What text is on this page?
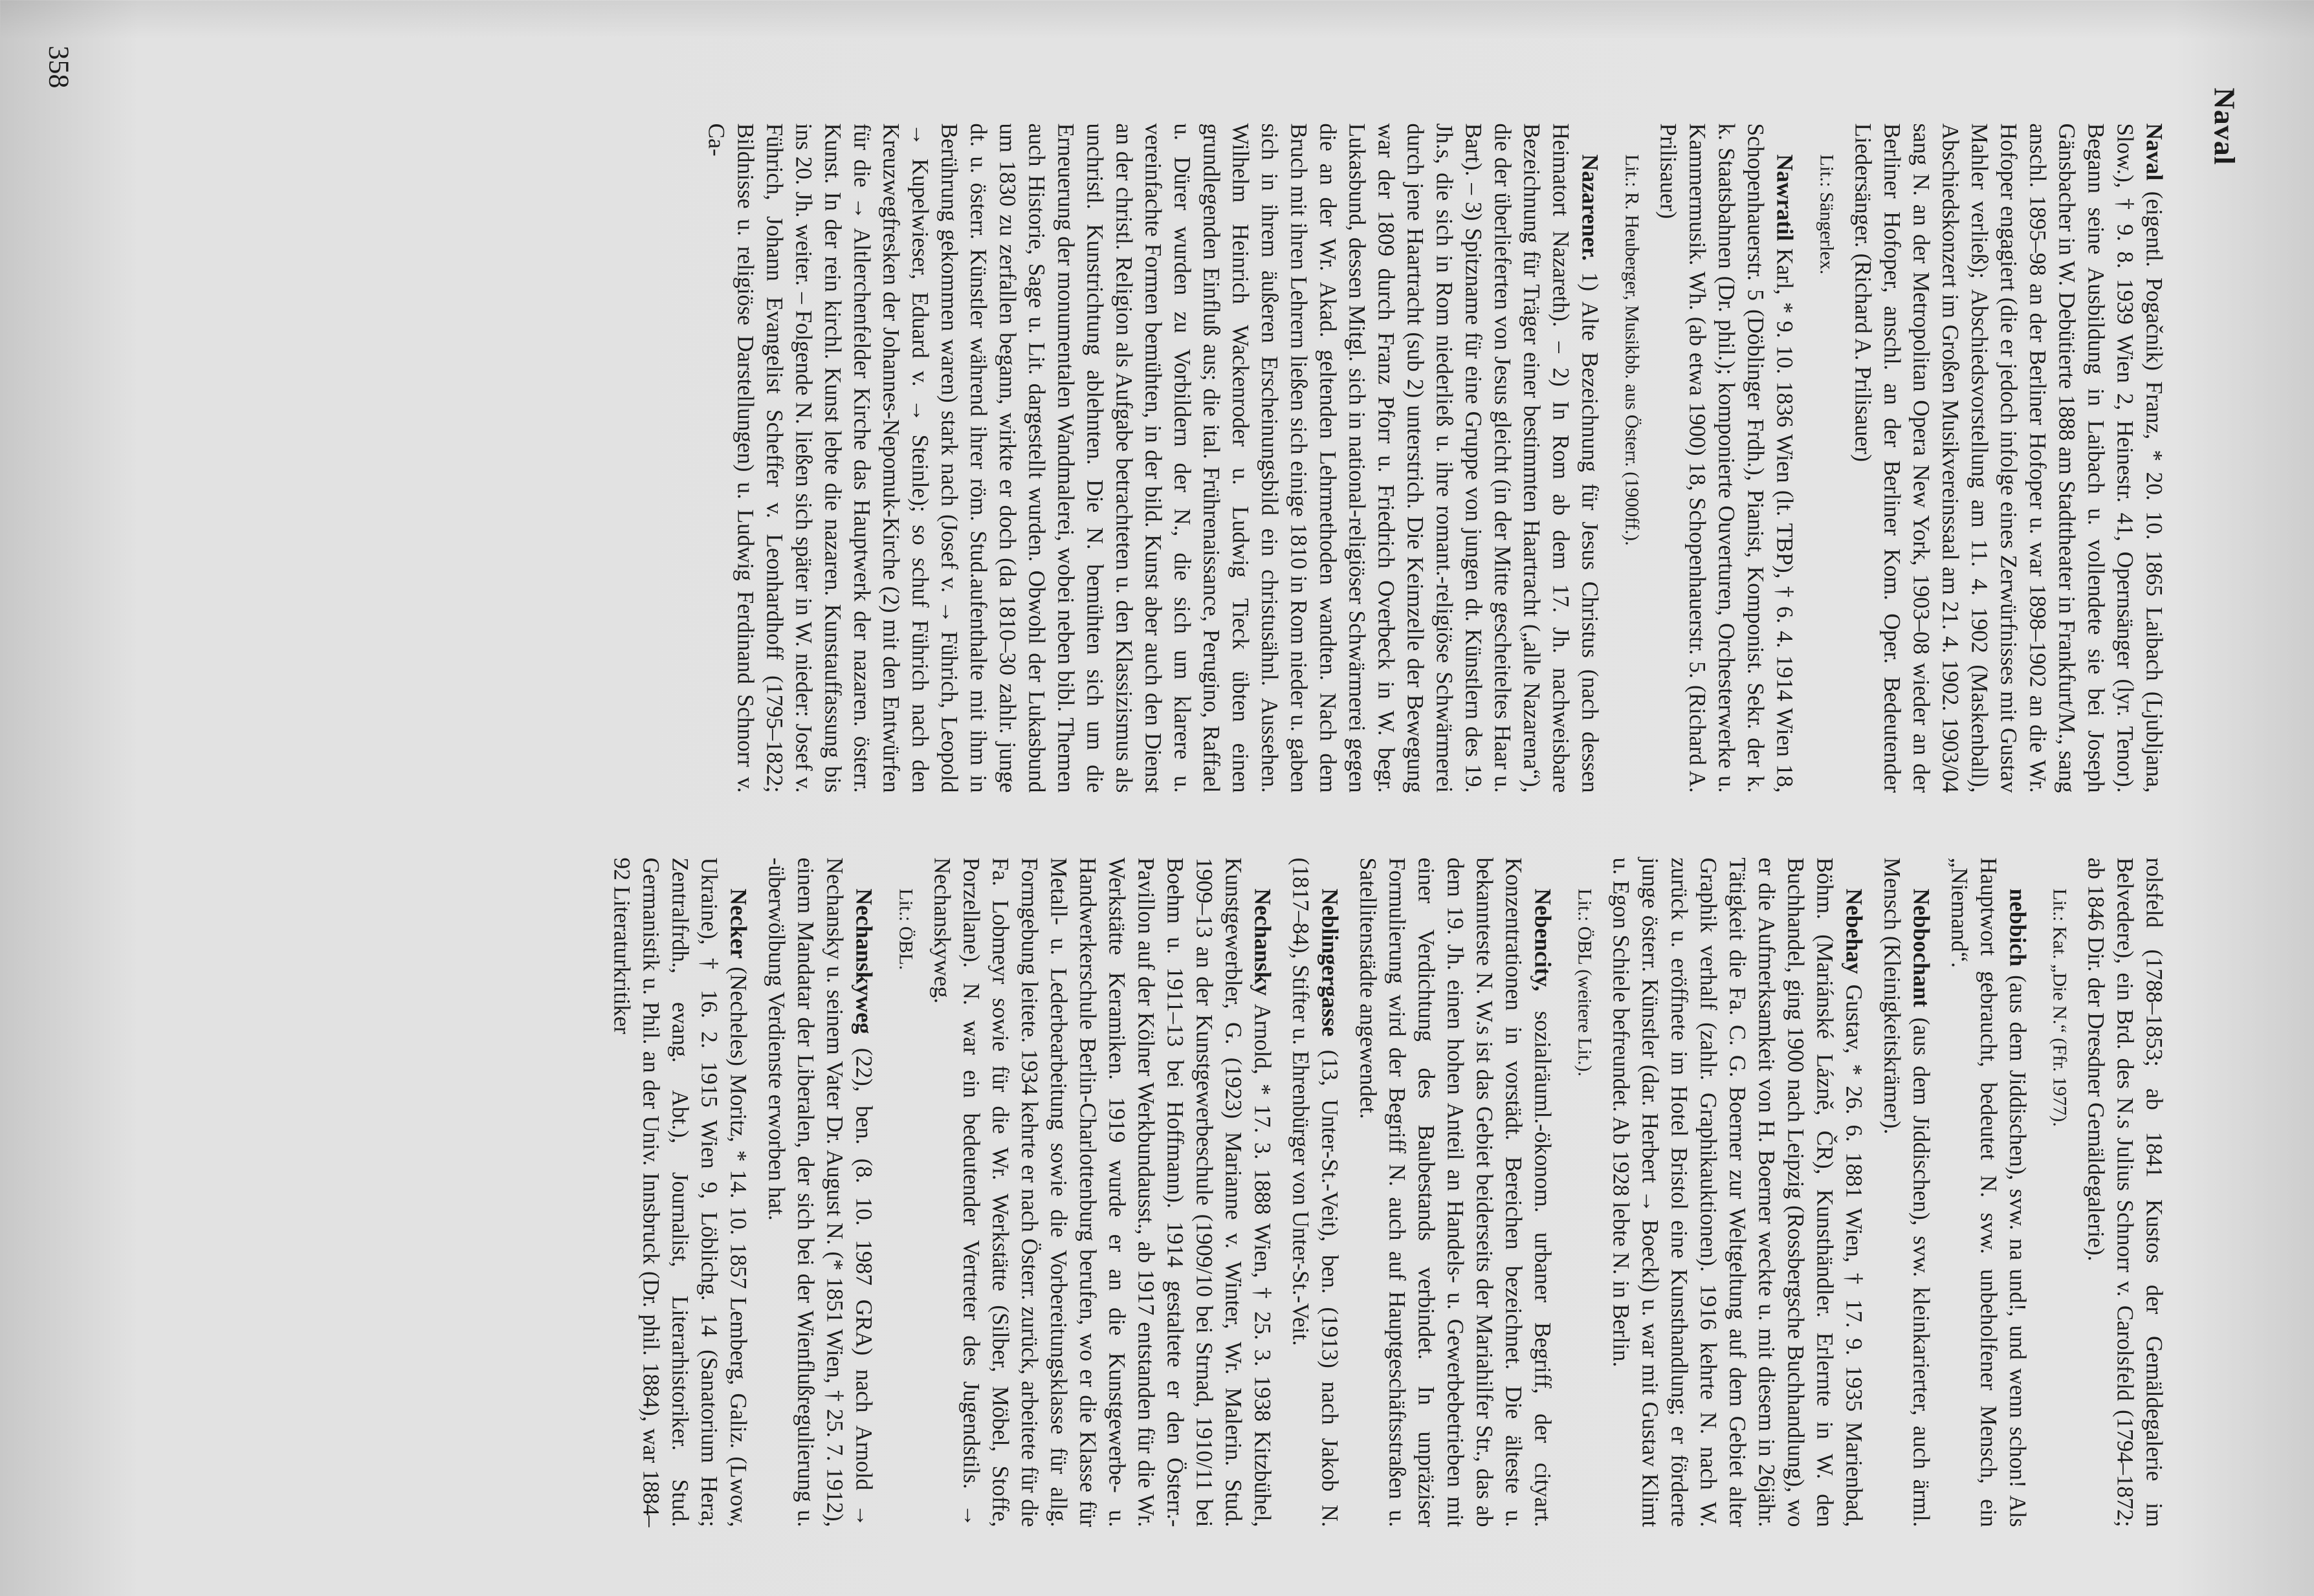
Naval

Naval (eigentl. Pogačnik) Franz, * 20. 10. 1865 Laibach (Ljubljana, Slow.), † 9. 8. 1939 Wien 2, Heinestr. 41, Opernsänger (lyr. Tenor). Begann seine Ausbildung in Laibach u. vollendete sie bei Joseph Gänsbacher in W. Debütierte 1888 am Stadttheater in Frankfurt/M., sang anschl. 1895–98 an der Berliner Hofoper u. war 1898–1902 an die Wr. Hofoper engagiert (die er jedoch infolge eines Zerwürfnisses mit Gustav Mahler verließ); Abschiedsvorstellung am 11. 4. 1902 (Maskenball), Abschiedskonzert im Großen Musikvereinssaal am 21. 4. 1902. 1903/04 sang N. an der Metropolitan Opera New York, 1903–08 wieder an der Berliner Hofoper, anschl. an der Berliner Kom. Oper. Bedeutender Liedersänger. (Richard A. Prilisauer)

Lit.: Sängerlex.

Nawratil Karl, * 9. 10. 1836 Wien (lt. TBP), † 6. 4. 1914 Wien 18, Schopenhauerstr. 5 (Döblinger Frdh.), Pianist, Komponist. Sekr. der k. k. Staatsbahnen (Dr. phil.); komponierte Ouverturen, Orchesterwerke u. Kammermusik. Wh. (ab etwa 1900) 18, Schopenhauerstr. 5. (Richard A. Prilisauer)

Lit.: R. Heuberger, Musikbb. aus Österr. (1900ff.).

Nazarener. 1) Alte Bezeichnung für Jesus Christus (nach dessen Heimatort Nazareth). – 2) In Rom ab dem 17. Jh. nachweisbare Bezeichnung für Träger einer bestimmten Haartracht („alle Nazarena“), die der überlieferten von Jesus gleicht (in der Mitte gescheiteltes Haar u. Bart). – 3) Spitzname für eine Gruppe von jungen dt. Künstlern des 19. Jh.s, die sich in Rom niederließ u. ihre romant.-religiöse Schwärmerei durch jene Haartracht (sub 2) unterstrich. Die Keimzelle der Bewegung war der 1809 durch Franz Pforr u. Friedrich Overbeck in W. begr. Lukasbund, dessen Mitgl. sich in national-religiöser Schwärmerei gegen die an der Wr. Akad. geltenden Lehrmethoden wandten. Nach dem Bruch mit ihren Lehrern ließen sich einige 1810 in Rom nieder u. gaben sich in ihrem äußeren Erscheinungsbild ein christusähnl. Aussehen. Wilhelm Heinrich Wackenroder u. Ludwig Tieck übten einen grundlegenden Einfluß aus; die ital. Frührenaissance, Perugino, Raffael u. Dürer wurden zu Vorbildern der N., die sich um klarere u. vereinfachte Formen bemühten, in der bild. Kunst aber auch den Dienst an der christl. Religion als Aufgabe betrachteten u. den Klassizismus als unchristl. Kunstrichtung ablehnten. Die N. bemühten sich um die Erneuerung der monumentalen Wandmalerei, wobei neben bibl. Themen auch Historie, Sage u. Lit. dargestellt wurden. Obwohl der Lukasbund um 1830 zu zerfallen begann, wirkte er doch (da 1810–30 zahlr. junge dt. u. österr. Künstler während ihrer röm. Stud.aufenthalte mit ihm in Berührung gekommen waren) stark nach (Josef v. → Führich, Leopold → Kupelwieser, Eduard v. → Steinle); so schuf Führich nach den Kreuzwegfresken der Johannes-Nepomuk-Kirche (2) mit den Entwürfen für die → Altlerchenfelder Kirche das Hauptwerk der nazaren. österr. Kunst. In der rein kirchl. Kunst lebte die nazaren. Kunstauffassung bis ins 20. Jh. weiter. – Folgende N. ließen sich später in W. nieder: Josef v. Führich, Johann Evangelist Scheffer v. Leonhardhoff (1795–1822; Bildnisse u. religiöse Darstellungen) u. Ludwig Ferdinand Schnorr v. Ca-

rolsfeld (1788–1853; ab 1841 Kustos der Gemäldegalerie im Belvedere), ein Brd. des N.s Julius Schnorr v. Carolsfeld (1794–1872; ab 1846 Dir. der Dresdner Gemäldegalerie).

Lit.: Kat. „Die N.“ (Ffr. 1977).

nebbich (aus dem Jiddischen), svw. na und!, und wenn schon! Als Hauptwort gebraucht, bedeutet N. svw. unbeholfener Mensch, ein „Niemand“.

Nebbochant (aus dem Jiddischen), svw. kleinkarierter, auch ärml. Mensch (Kleinigkeitskrämer).

Nebehay Gustav, * 26. 6. 1881 Wien, † 17. 9. 1935 Marienbad, Böhm. (Mariánské Lázně, ČR), Kunsthändler. Erlernte in W. den Buchhandel, ging 1900 nach Leipzig (Rossbergsche Buchhandlung), wo er die Aufmerksamkeit von H. Boerner weckte u. mit diesem in 26jähr. Tätigkeit die Fa. C. G. Boerner zur Weltgeltung auf dem Gebiet alter Graphik verhalf (zahlr. Graphikauktionen). 1916 kehrte N. nach W. zurück u. eröffnete im Hotel Bristol eine Kunsthandlung; er förderte junge österr. Künstler (dar. Herbert → Boeckl) u. war mit Gustav Klimt u. Egon Schiele befreundet. Ab 1928 lebte N. in Berlin.

Lit.: ÖBL (weitere Lit.).

Nebencity, sozialräuml.-ökonom. urbaner Begriff, der cityart. Konzentrationen in vorstädt. Bereichen bezeichnet. Die älteste u. bekannteste N. W.s ist das Gebiet beiderseits der Mariahilfer Str., das ab dem 19. Jh. einen hohen Anteil an Handels- u. Gewerbebetrieben mit einer Verdichtung des Baubestands verbindet. In unpräziser Formulierung wird der Begriff N. auch auf Hauptgeschäftsstraßen u. Satellitenstädte angewendet.

Neblingergasse (13, Unter-St.-Veit), ben. (1913) nach Jakob N. (1817–84), Stifter u. Ehrenbürger von Unter-St.-Veit.

Nechansky Arnold, * 17. 3. 1888 Wien, † 25. 3. 1938 Kitzbühel, Kunstgewerbler, G. (1923) Marianne v. Winter, Wr. Malerin. Stud. 1909–13 an der Kunstgewerbeschule (1909/10 bei Strnad, 1910/11 bei Boehm u. 1911–13 bei Hoffmann). 1914 gestaltete er den Österr.-Pavillon auf der Kölner Werkbundausst., ab 1917 entstanden für die Wr. Werkstätte Keramiken. 1919 wurde er an die Kunstgewerbe- u. Handwerkerschule Berlin-Charlottenburg berufen, wo er die Klasse für Metall- u. Lederbearbeitung sowie die Vorbereitungsklasse für allg. Formgebung leitete. 1934 kehrte er nach Österr. zurück, arbeitete für die Fa. Lobmeyr sowie für die Wr. Werkstätte (Silber, Möbel, Stoffe, Porzellane). N. war ein bedeutender Vertreter des Jugendstils. → Nechanskyweg.

Lit.: ÖBL.

Nechanskyweg (22), ben. (8. 10. 1987 GRA) nach Arnold → Nechansky u. seinem Vater Dr. August N. (* 1851 Wien, † 25. 7. 1912), einem Mandatar der Liberalen, der sich bei der Wienflußregulierung u. -überwölbung Verdienste erworben hat.

Necker (Necheles) Moritz, * 14. 10. 1857 Lemberg, Galiz. (Lwow, Ukraine), † 16. 2. 1915 Wien 9, Löblichg. 14 (Sanatorium Hera; Zentralfrdh., evang. Abt.), Journalist, Literarhistoriker. Stud. Germanistik u. Phil. an der Univ. Innsbruck (Dr. phil. 1884), war 1884–92 Literaturkritiker

358
